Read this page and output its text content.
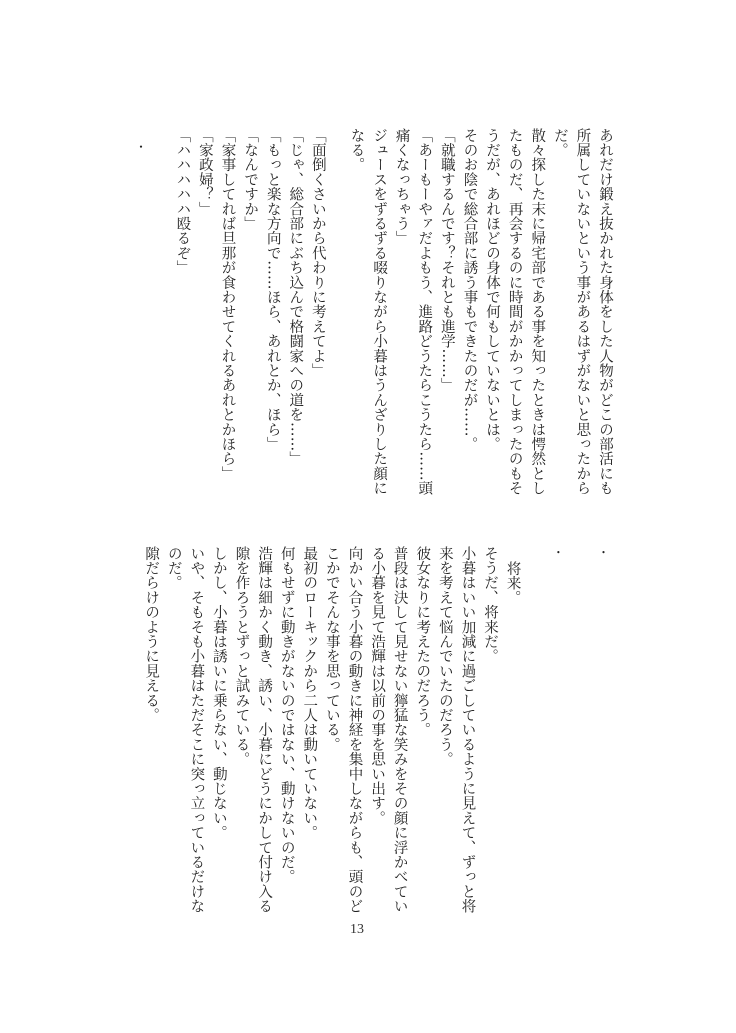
あれだけ鍛え抜かれた身体をした人物がどこの部活にも
所属していないという事があるはずがないと思ったから
だ。
散々探した末に帰宅部である事を知ったときは愕然とし
たものだ、再会するのに時間がかかってしまったのもそ
うだが、あれほどの身体で何もしていないとは。
そのお陰で総合部に誘う事もできたのだが……。
「就職するんです？それとも進学……」
「あーもーやァだよもう、進路どうたらこうたら……頭
痛くなっちゃう」
ジュースをずるずる啜りながら小暮はうんざりした顔に
なる。
「面倒くさいから代わりに考えてよ」
「じゃ、総合部にぶち込んで格闘家への道を……」
「もっと楽な方向で……ほら、あれとか、ほら」
「なんですか」
「家事してれば旦那が食わせてくれるあれとかほら」
「家政婦？」
「ハハハハハ殴るぞ」
・
・
・
将来。
そうだ、将来だ。
小暮はいい加減に過ごしているように見えて、ずっと将
来を考えて悩んでいたのだろう。
彼女なりに考えたのだろう。
普段は決して見せない獰猛な笑みをその顔に浮かべてい
る小暮を見て浩輝は以前の事を思い出す。
向かい合う小暮の動きに神経を集中しながらも、頭のど
こかでそんな事を思っている。
最初のローキックから二人は動いていない。
何もせずに動きがないのではない、動けないのだ。
浩輝は細かく動き、誘い、小暮にどうにかして付け入る
隙を作ろうとずっと試みている。
しかし、小暮は誘いに乗らない、動じない。
いや、そもそも小暮はただそこに突っ立っているだけな
のだ。
隙だらけのように見える。
13
